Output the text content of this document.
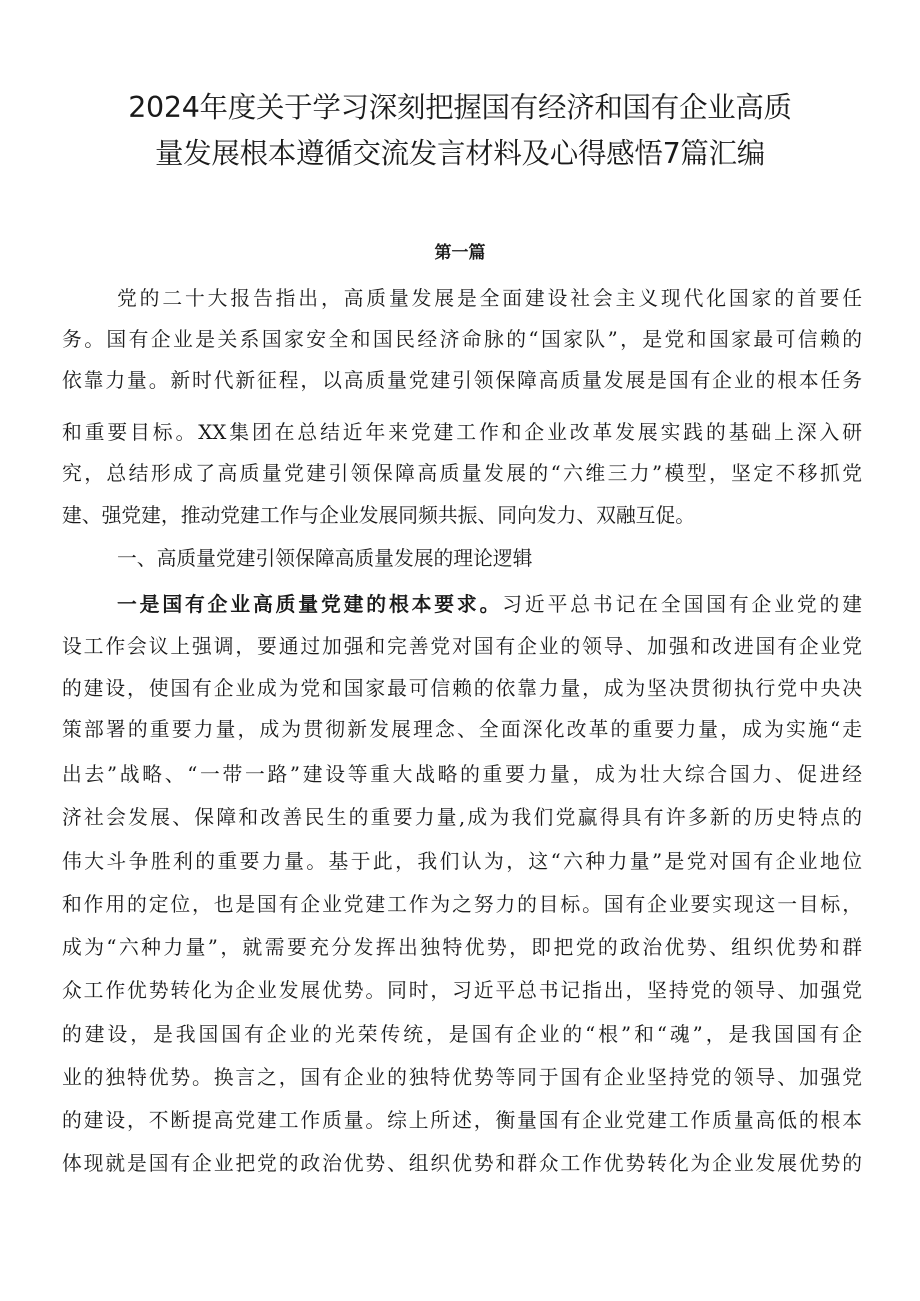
2024年度关于学习深刻把握国有经济和国有企业高质
量发展根本遵循交流发言材料及心得感悟7篇汇编
第一篇

党的二十大报告指出，高质量发展是全面建设社会主义现代化国家的首要任

务。国有企业是关系国家安全和国民经济命脉的“国家队”，是党和国家最可信赖的

依靠力量。新时代新征程，以高质量党建引领保障高质量发展是国有企业的根本任务

和重要目标。XX集团在总结近年来党建工作和企业改革发展实践的基础上深入研

究，总结形成了高质量党建引领保障高质量发展的“六维三力”模型，坚定不移抓党

建、强党建，推动党建工作与企业发展同频共振、同向发力、双融互促。

一、高质量党建引领保障高质量发展的理论逻辑

一是国有企业高质量党建的根本要求。习近平总书记在全国国有企业党的建

设工作会议上强调，要通过加强和完善党对国有企业的领导、加强和改进国有企业党

的建设，使国有企业成为党和国家最可信赖的依靠力量，成为坚决贯彻执行党中央决

策部署的重要力量，成为贯彻新发展理念、全面深化改革的重要力量，成为实施“走

出去”战略、“一带一路”建设等重大战略的重要力量，成为壮大综合国力、促进经

济社会发展、保障和改善民生的重要力量,成为我们党赢得具有许多新的历史特点的

伟大斗争胜利的重要力量。基于此，我们认为，这“六种力量”是党对国有企业地位

和作用的定位，也是国有企业党建工作为之努力的目标。国有企业要实现这一目标，

成为“六种力量”，就需要充分发挥出独特优势，即把党的政治优势、组织优势和群

众工作优势转化为企业发展优势。同时，习近平总书记指出，坚持党的领导、加强党

的建设，是我国国有企业的光荣传统，是国有企业的“根”和“魂”，是我国国有企

业的独特优势。换言之，国有企业的独特优势等同于国有企业坚持党的领导、加强党

的建设，不断提高党建工作质量。综上所述，衡量国有企业党建工作质量高低的根本

体现就是国有企业把党的政治优势、组织优势和群众工作优势转化为企业发展优势的
